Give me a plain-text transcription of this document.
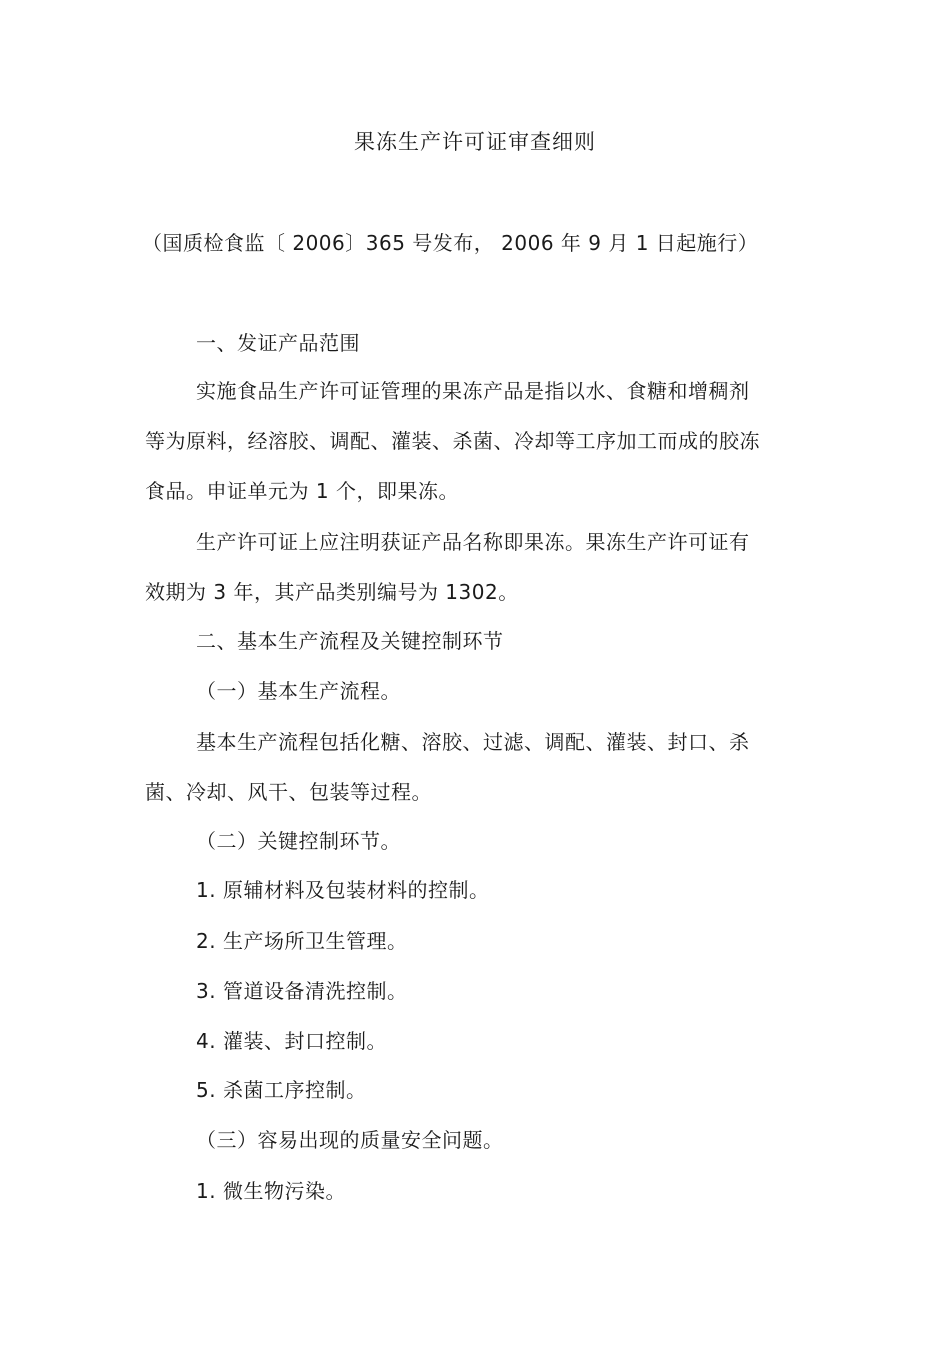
果冻生产许可证审查细则
（国质检食监〔 2006〕365 号发布， 2006 年 9 月 1 日起施行）
一、发证产品范围
实施食品生产许可证管理的果冻产品是指以水、食糖和增稠剂
等为原料，经溶胶、调配、灌装、杀菌、冷却等工序加工而成的胶冻
食品。申证单元为 1 个，即果冻。
生产许可证上应注明获证产品名称即果冻。果冻生产许可证有
效期为 3 年，其产品类别编号为 1302。
二、基本生产流程及关键控制环节
（一）基本生产流程。
基本生产流程包括化糖、溶胶、过滤、调配、灌装、封口、杀
菌、冷却、风干、包装等过程。
（二）关键控制环节。
1. 原辅材料及包装材料的控制。
2. 生产场所卫生管理。
3. 管道设备清洗控制。
4. 灌装、封口控制。
5. 杀菌工序控制。
（三）容易出现的质量安全问题。
1. 微生物污染。
